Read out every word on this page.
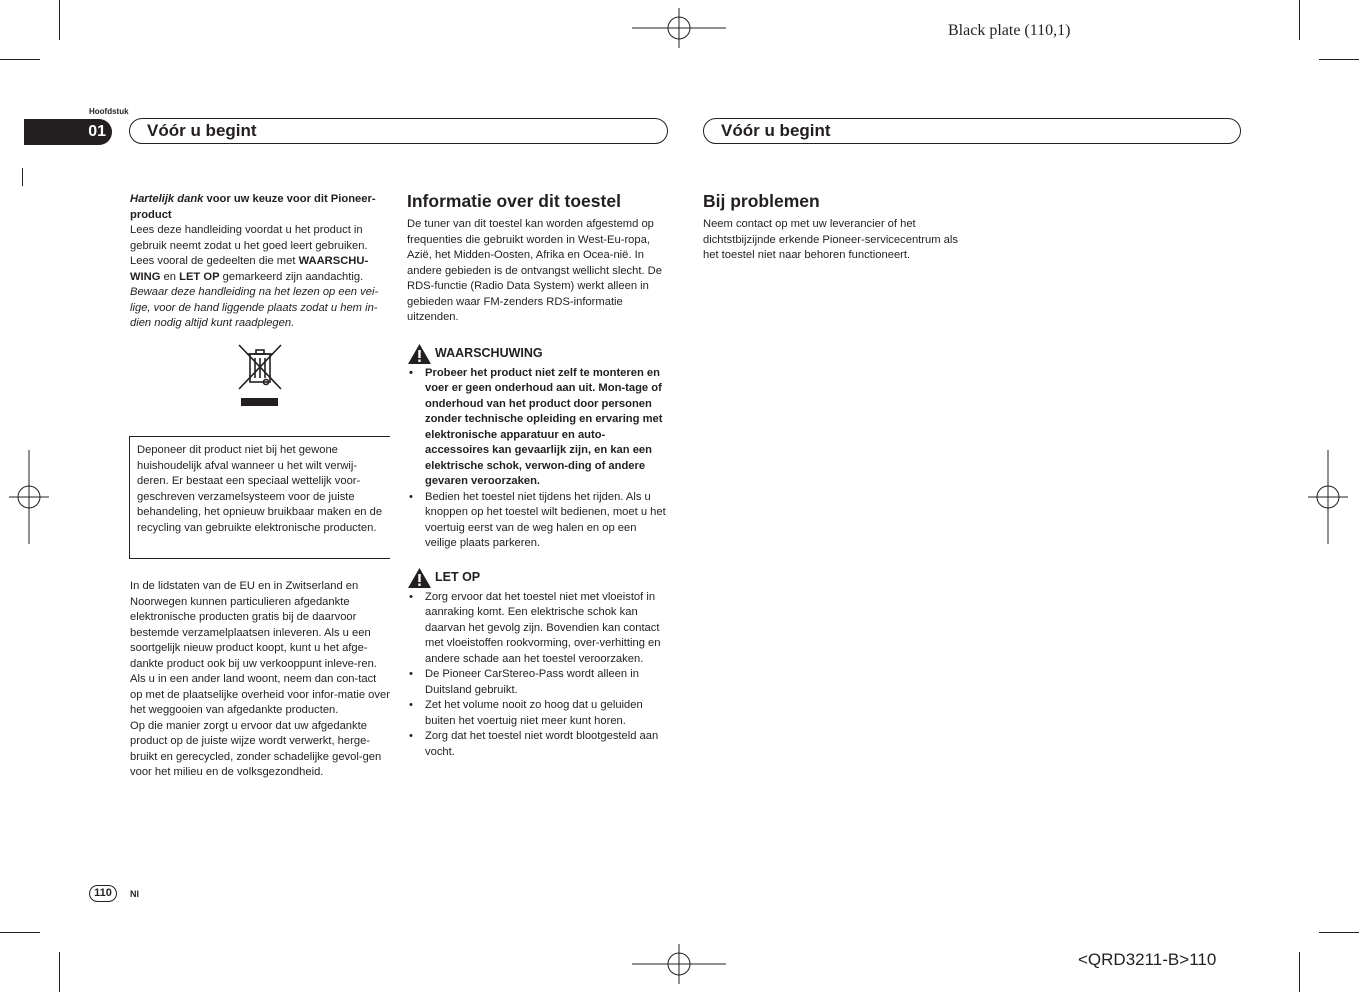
Black plate (110,1)
<QRD3211-B>110
Hoofdstuk
01	Vóór u begint	Vóór u begint

Hartelijk dank voor uw keuze voor dit Pioneer-product

Lees deze handleiding voordat u het product in gebruik neemt zodat u het goed leert gebruiken. Lees vooral de gedeelten die met WAARSCHU-WING en LET OP gemarkeerd zijn aandachtig.

Bewaar deze handleiding na het lezen op een vei-lige, voor de hand liggende plaats zodat u hem in-dien nodig altijd kunt raadplegen.

Deponeer dit product niet bij het gewone huishoudelijk afval wanneer u het wilt verwij-deren. Er bestaat een speciaal wettelijk voor-geschreven verzamelsysteem voor de juiste behandeling, het opnieuw bruikbaar maken en de recycling van gebruikte elektronische producten.

In de lidstaten van de EU en in Zwitserland en Noorwegen kunnen particulieren afgedankte elektronische producten gratis bij de daarvoor bestemde verzamelplaatsen inleveren. Als u een soortgelijk nieuw product koopt, kunt u het afge-dankte product ook bij uw verkooppunt inleve-ren.

Als u in een ander land woont, neem dan con-tact op met de plaatselijke overheid voor infor-matie over het weggooien van afgedankte producten.

Op die manier zorgt u ervoor dat uw afgedankte product op de juiste wijze wordt verwerkt, herge-bruikt en gerecycled, zonder schadelijke gevol-gen voor het milieu en de volksgezondheid.

Informatie over dit toestel

De tuner van dit toestel kan worden afgestemd op frequenties die gebruikt worden in West-Eu-ropa, Azië, het Midden-Oosten, Afrika en Ocea-nië. In andere gebieden is de ontvangst wellicht slecht. De RDS-functie (Radio Data System) werkt alleen in gebieden waar FM-zenders RDS-informatie uitzenden.

WAARSCHUWING
• Probeer het product niet zelf te monteren en voer er geen onderhoud aan uit. Mon-tage of onderhoud van het product door personen zonder technische opleiding en ervaring met elektronische apparatuur en auto-accessoires kan gevaarlijk zijn, en kan een elektrische schok, verwon-ding of andere gevaren veroorzaken.
• Bedien het toestel niet tijdens het rijden. Als u knoppen op het toestel wilt bedienen, moet u het voertuig eerst van de weg halen en op een veilige plaats parkeren.
LET OP
• Zorg ervoor dat het toestel niet met vloeistof in aanraking komt. Een elektrische schok kan daarvan het gevolg zijn. Bovendien kan contact met vloeistoffen rookvorming, over-verhitting en andere schade aan het toestel veroorzaken.
• De Pioneer CarStereo-Pass wordt alleen in Duitsland gebruikt.
• Zet het volume nooit zo hoog dat u geluiden buiten het voertuig niet meer kunt horen.
• Zorg dat het toestel niet wordt blootgesteld aan vocht.
Bij problemen

Neem contact op met uw leverancier of het dichtstbijzijnde erkende Pioneer-servicecentrum als het toestel niet naar behoren functioneert.

110	Nl
